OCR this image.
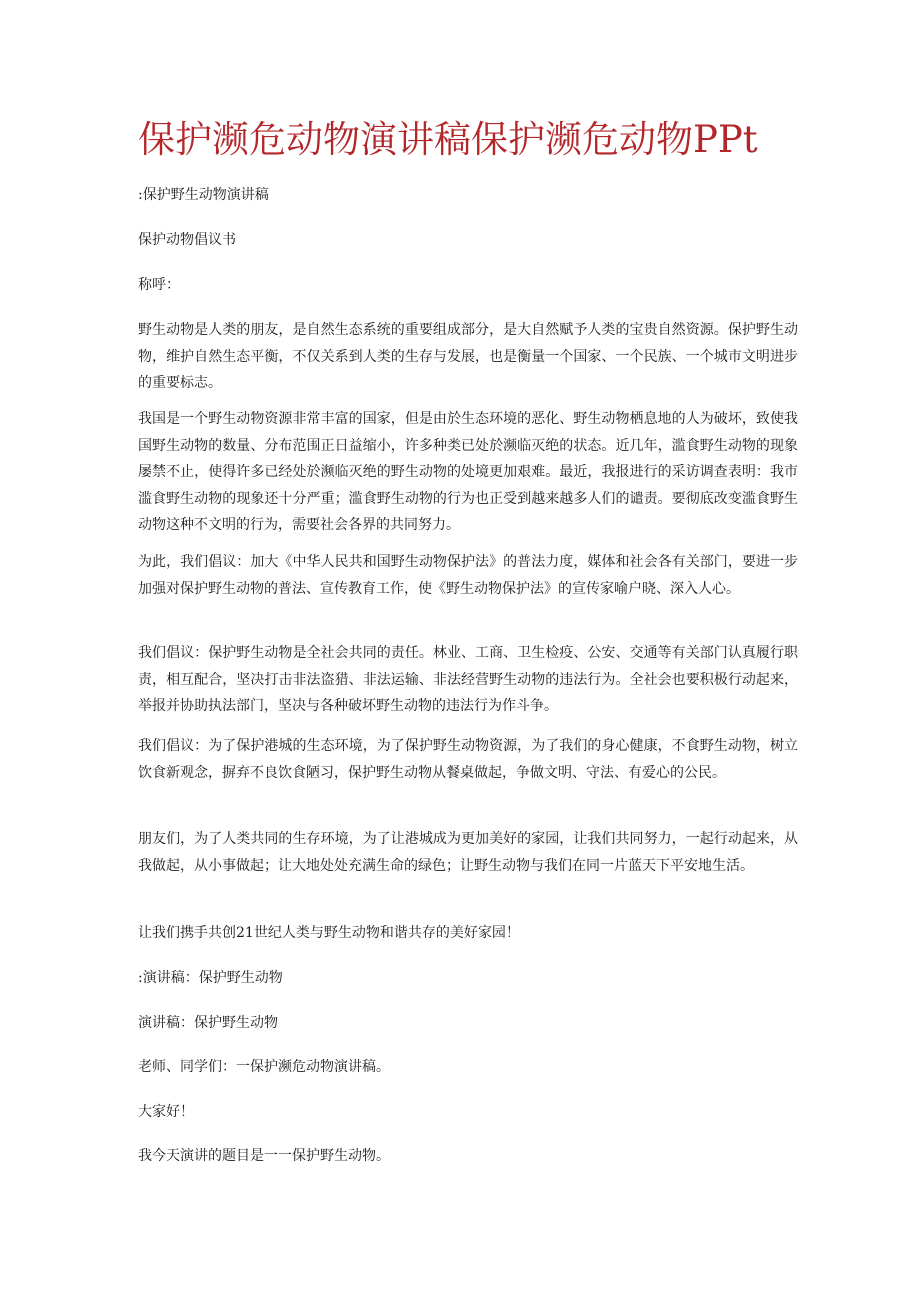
保护濒危动物演讲稿保护濒危动物PPt

:保护野生动物演讲稿

保护动物倡议书

称呼：

野生动物是人类的朋友，是自然生态系统的重要组成部分，是大自然赋予人类的宝贵自然资源。保护野生动物，维护自然生态平衡，不仅关系到人类的生存与发展，也是衡量一个国家、一个民族、一个城市文明进步的重要标志。

我国是一个野生动物资源非常丰富的国家，但是由於生态环境的恶化、野生动物栖息地的人为破坏，致使我国野生动物的数量、分布范围正日益缩小，许多种类已处於濒临灭绝的状态。近几年，滥食野生动物的现象屡禁不止，使得许多已经处於濒临灭绝的野生动物的处境更加艰难。最近，我报进行的采访调查表明：我市滥食野生动物的现象还十分严重；滥食野生动物的行为也正受到越来越多人们的谴责。要彻底改变滥食野生动物这种不文明的行为，需要社会各界的共同努力。

为此，我们倡议：加大《中华人民共和国野生动物保护法》的普法力度，媒体和社会各有关部门，要进一步加强对保护野生动物的普法、宣传教育工作，使《野生动物保护法》的宣传家喻户晓、深入人心。

我们倡议：保护野生动物是全社会共同的责任。林业、工商、卫生检疫、公安、交通等有关部门认真履行职责，相互配合，坚决打击非法盗猎、非法运输、非法经营野生动物的违法行为。全社会也要积极行动起来，举报并协助执法部门，坚决与各种破坏野生动物的违法行为作斗争。

我们倡议：为了保护港城的生态环境，为了保护野生动物资源，为了我们的身心健康，不食野生动物，树立饮食新观念，摒弃不良饮食陋习，保护野生动物从餐桌做起，争做文明、守法、有爱心的公民。

朋友们，为了人类共同的生存环境，为了让港城成为更加美好的家园，让我们共同努力，一起行动起来，从我做起，从小事做起；让大地处处充满生命的绿色；让野生动物与我们在同一片蓝天下平安地生活。

让我们携手共创21世纪人类与野生动物和谐共存的美好家园！

:演讲稿：保护野生动物

演讲稿：保护野生动物

老师、同学们：一保护濒危动物演讲稿。

大家好！

我今天演讲的题目是一一保护野生动物。
